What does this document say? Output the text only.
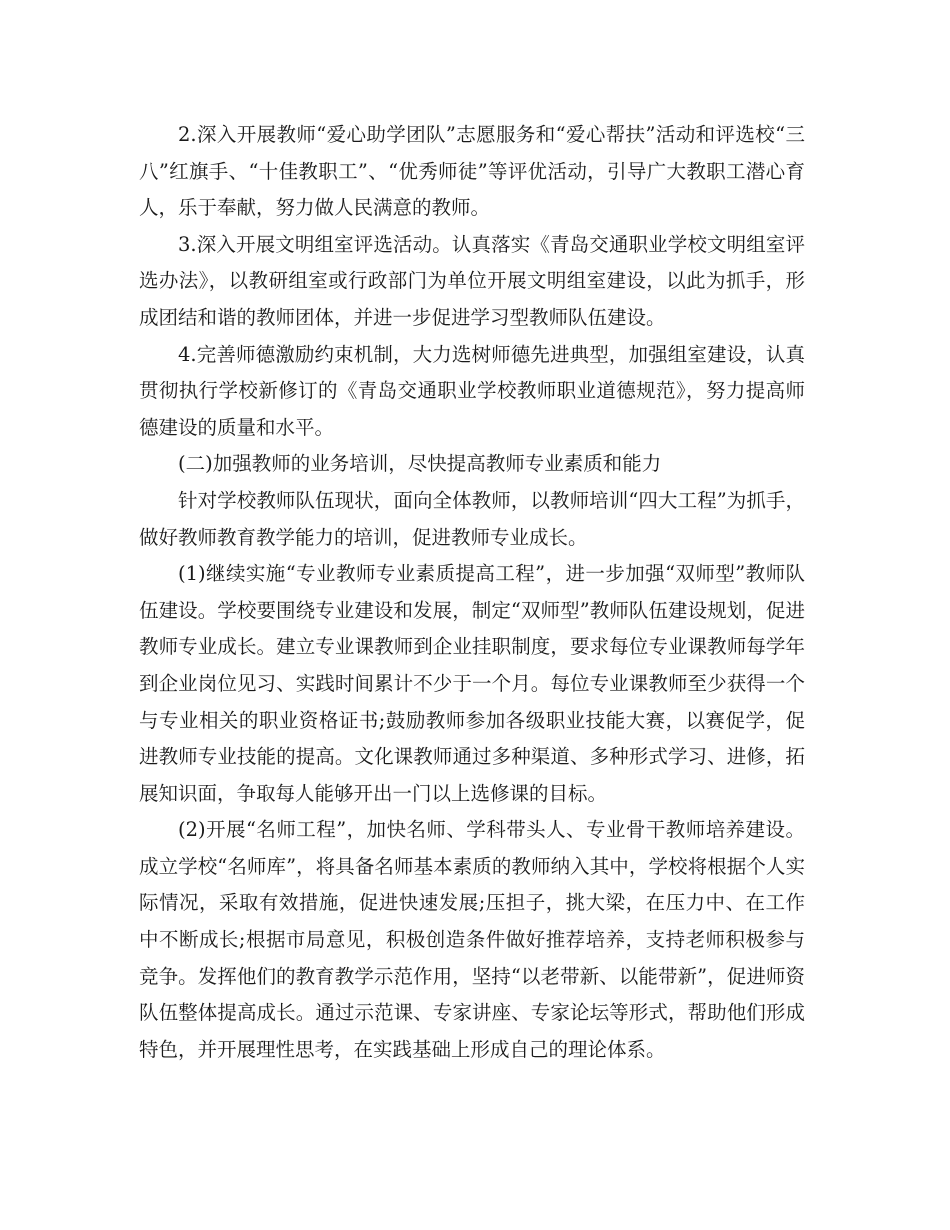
2.深入开展教师“爱心助学团队”志愿服务和“爱心帮扶”活动和评选校“三八”红旗手、“十佳教职工”、“优秀师徒”等评优活动，引导广大教职工潜心育人，乐于奉献，努力做人民满意的教师。

3.深入开展文明组室评选活动。认真落实《青岛交通职业学校文明组室评选办法》，以教研组室或行政部门为单位开展文明组室建设，以此为抓手，形成团结和谐的教师团体，并进一步促进学习型教师队伍建设。

4.完善师德激励约束机制，大力选树师德先进典型，加强组室建设，认真贯彻执行学校新修订的《青岛交通职业学校教师职业道德规范》，努力提高师德建设的质量和水平。

(二)加强教师的业务培训，尽快提高教师专业素质和能力

针对学校教师队伍现状，面向全体教师，以教师培训“四大工程”为抓手，做好教师教育教学能力的培训，促进教师专业成长。

(1)继续实施“专业教师专业素质提高工程”，进一步加强“双师型”教师队伍建设。学校要围绕专业建设和发展，制定“双师型”教师队伍建设规划，促进教师专业成长。建立专业课教师到企业挂职制度，要求每位专业课教师每学年到企业岗位见习、实践时间累计不少于一个月。每位专业课教师至少获得一个与专业相关的职业资格证书;鼓励教师参加各级职业技能大赛，以赛促学，促进教师专业技能的提高。文化课教师通过多种渠道、多种形式学习、进修，拓展知识面，争取每人能够开出一门以上选修课的目标。

(2)开展“名师工程”，加快名师、学科带头人、专业骨干教师培养建设。成立学校“名师库”，将具备名师基本素质的教师纳入其中，学校将根据个人实际情况，采取有效措施，促进快速发展;压担子，挑大梁，在压力中、在工作中不断成长;根据市局意见，积极创造条件做好推荐培养，支持老师积极参与竞争。发挥他们的教育教学示范作用，坚持“以老带新、以能带新”，促进师资队伍整体提高成长。通过示范课、专家讲座、专家论坛等形式，帮助他们形成特色，并开展理性思考，在实践基础上形成自己的理论体系。
